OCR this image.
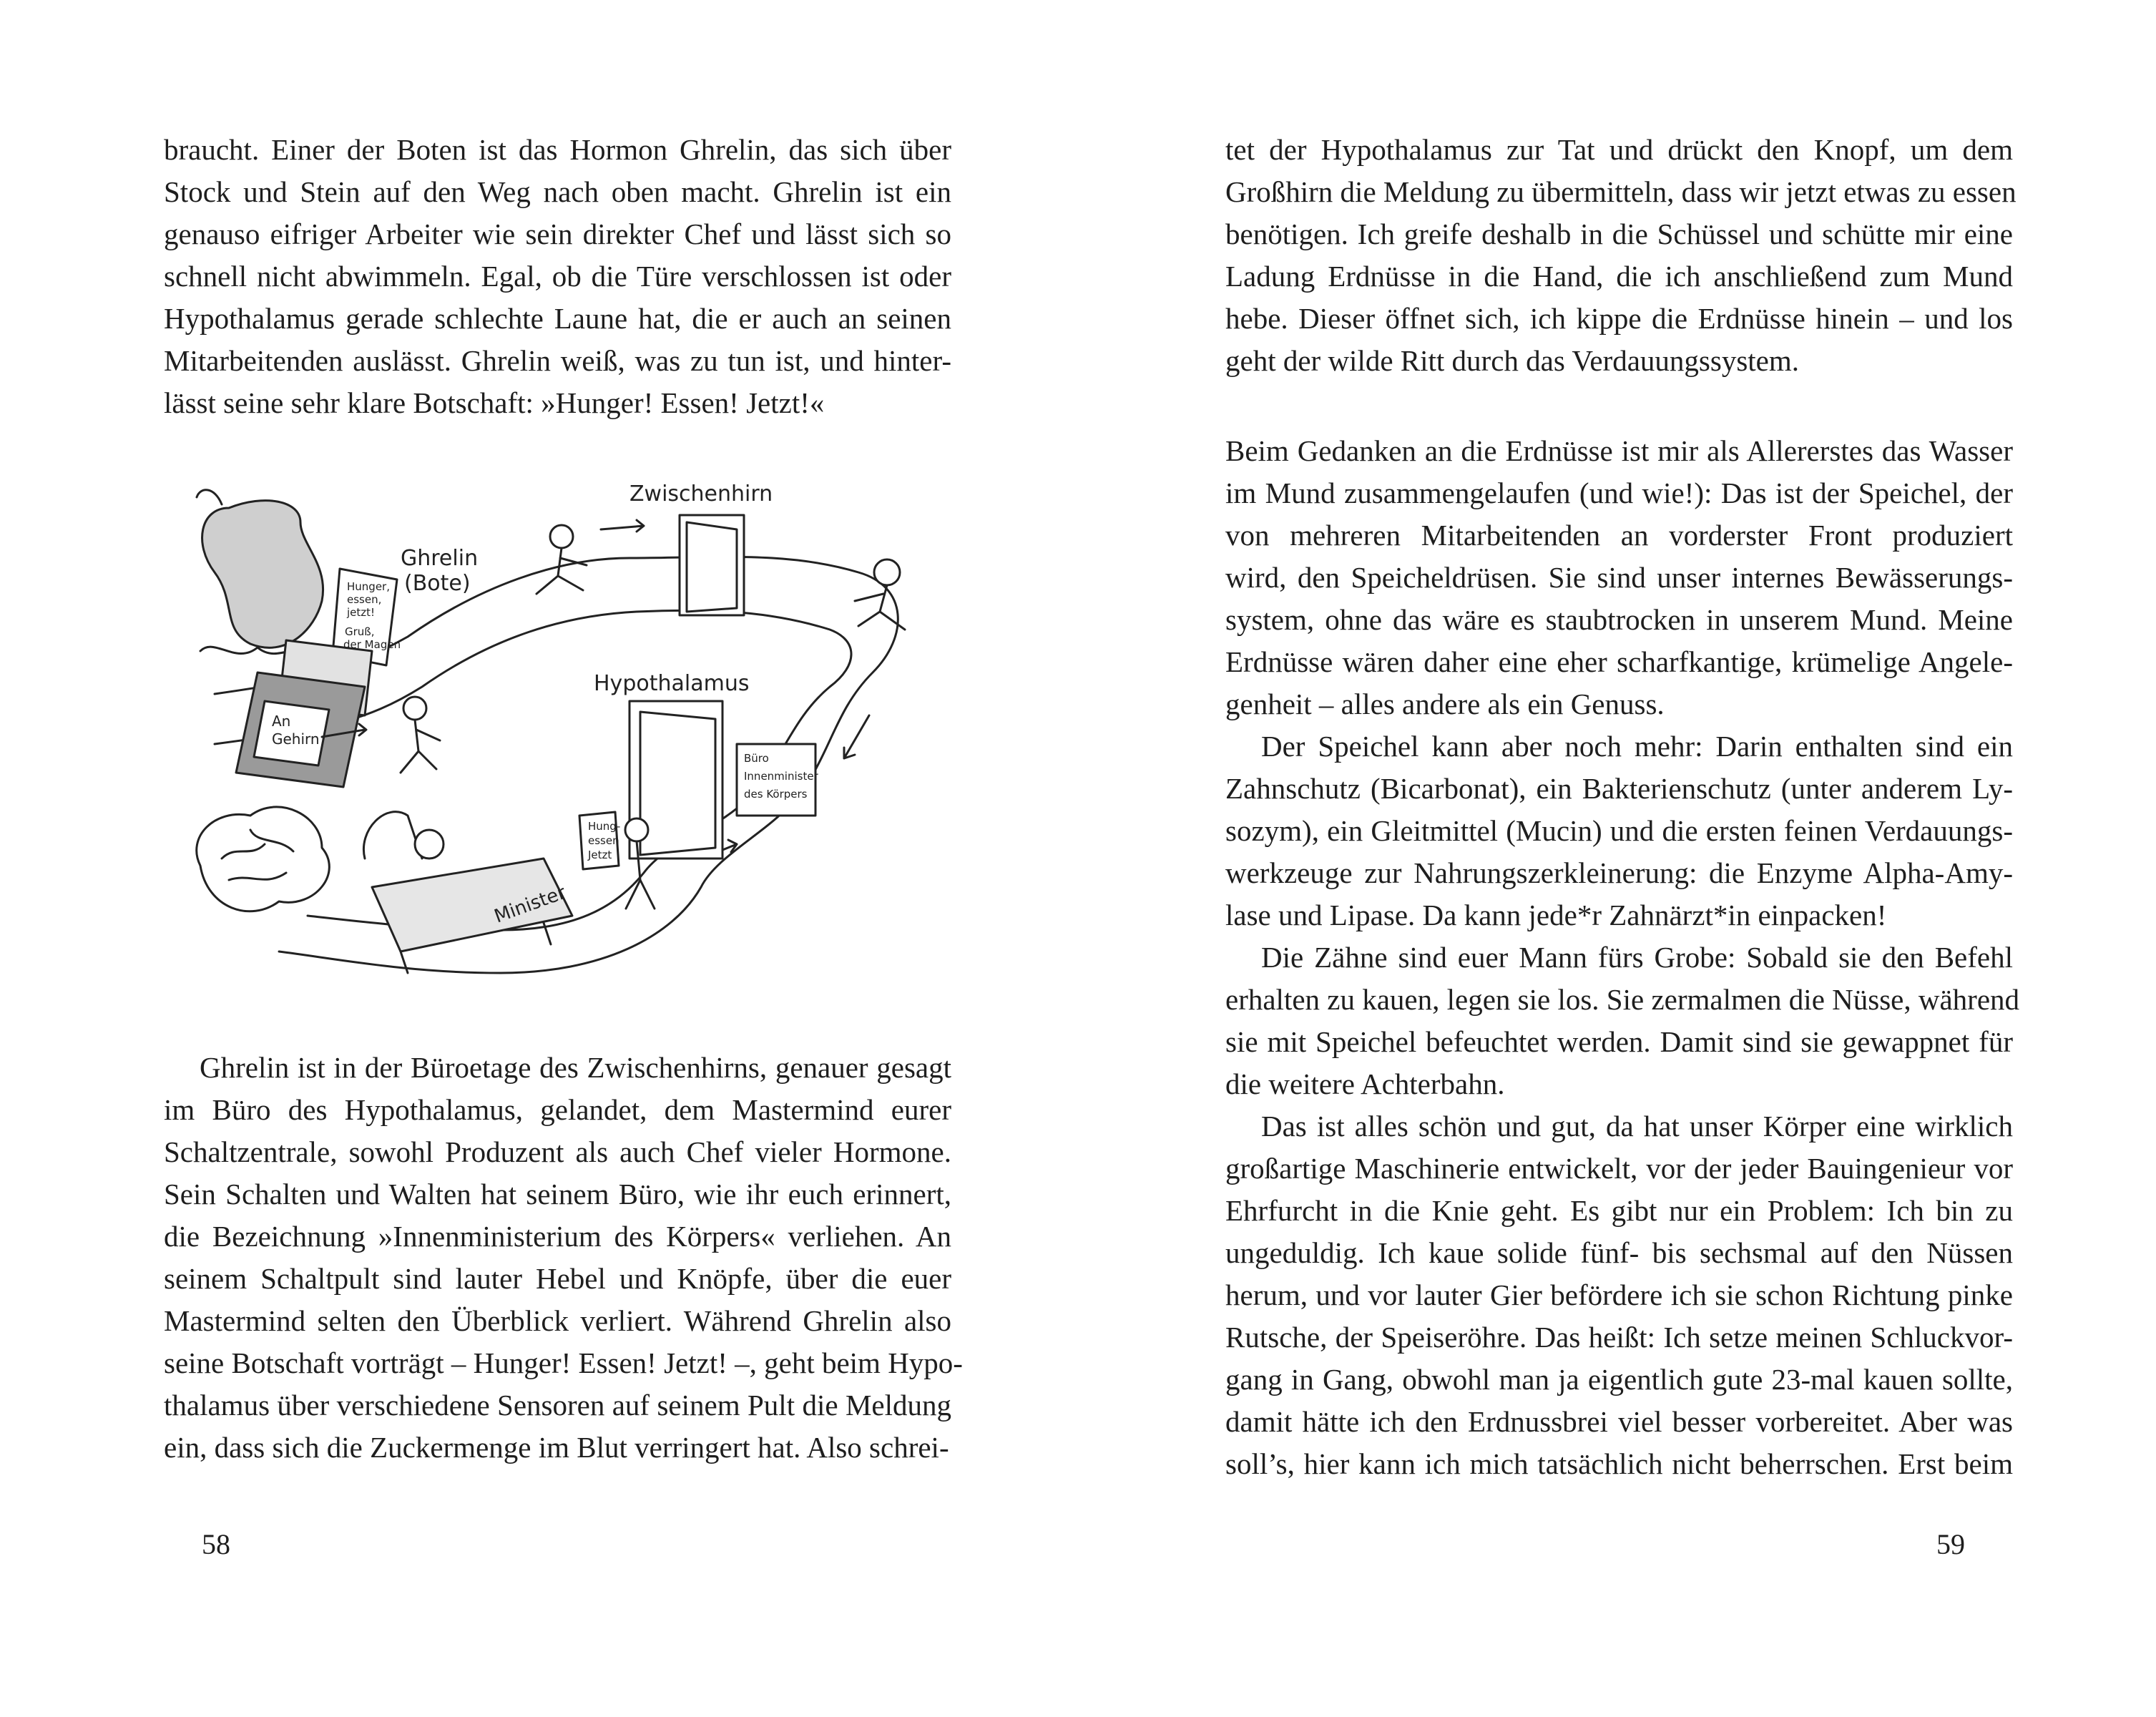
braucht. Einer der Boten ist das Hormon Ghrelin, das sich über
Stock und Stein auf den Weg nach oben macht. Ghrelin ist ein
genauso eifriger Arbeiter wie sein direkter Chef und lässt sich so
schnell nicht abwimmeln. Egal, ob die Türe verschlossen ist oder
Hypothalamus gerade schlechte Laune hat, die er auch an seinen
Mitarbeitenden auslässt. Ghrelin weiß, was zu tun ist, und hinter-
lässt seine sehr klare Botschaft: »Hunger! Essen! Jetzt!«
Zwischenhirn
Ghrelin
(Bote)
Hypothalamus
Hunger,
essen,
jetzt!
Gruß,
der Magen
An
Gehirn
Büro
Innenminister
des Körpers
Minister
Hung-
essen
Jetzt
Ghrelin ist in der Büroetage des Zwischenhirns, genauer gesagt
im Büro des Hypothalamus, gelandet, dem Mastermind eurer
Schaltzentrale, sowohl Produzent als auch Chef vieler Hormone.
Sein Schalten und Walten hat seinem Büro, wie ihr euch erinnert,
die Bezeichnung »Innenministerium des Körpers« verliehen. An
seinem Schaltpult sind lauter Hebel und Knöpfe, über die euer
Mastermind selten den Überblick verliert. Während Ghrelin also
seine Botschaft vorträgt – Hunger! Essen! Jetzt! –, geht beim Hypo-
thalamus über verschiedene Sensoren auf seinem Pult die Meldung
ein, dass sich die Zuckermenge im Blut verringert hat. Also schrei-
58
tet der Hypothalamus zur Tat und drückt den Knopf, um dem
Großhirn die Meldung zu übermitteln, dass wir jetzt etwas zu essen
benötigen. Ich greife deshalb in die Schüssel und schütte mir eine
Ladung Erdnüsse in die Hand, die ich anschließend zum Mund
hebe. Dieser öffnet sich, ich kippe die Erdnüsse hinein – und los
geht der wilde Ritt durch das Verdauungssystem.
Beim Gedanken an die Erdnüsse ist mir als Allererstes das Wasser
im Mund zusammengelaufen (und wie!): Das ist der Speichel, der
von mehreren Mitarbeitenden an vorderster Front produziert
wird, den Speicheldrüsen. Sie sind unser internes Bewässerungs-
system, ohne das wäre es staubtrocken in unserem Mund. Meine
Erdnüsse wären daher eine eher scharfkantige, krümelige Angele-
genheit – alles andere als ein Genuss.
Der Speichel kann aber noch mehr: Darin enthalten sind ein
Zahnschutz (Bicarbonat), ein Bakterienschutz (unter anderem Ly-
sozym), ein Gleitmittel (Mucin) und die ersten feinen Verdauungs-
werkzeuge zur Nahrungszerkleinerung: die Enzyme Alpha-Amy-
lase und Lipase. Da kann jede*r Zahnärzt*in einpacken!
Die Zähne sind euer Mann fürs Grobe: Sobald sie den Befehl
erhalten zu kauen, legen sie los. Sie zermalmen die Nüsse, während
sie mit Speichel befeuchtet werden. Damit sind sie gewappnet für
die weitere Achterbahn.
Das ist alles schön und gut, da hat unser Körper eine wirklich
großartige Maschinerie entwickelt, vor der jeder Bauingenieur vor
Ehrfurcht in die Knie geht. Es gibt nur ein Problem: Ich bin zu
ungeduldig. Ich kaue solide fünf- bis sechsmal auf den Nüssen
herum, und vor lauter Gier befördere ich sie schon Richtung pinke
Rutsche, der Speiseröhre. Das heißt: Ich setze meinen Schluckvor-
gang in Gang, obwohl man ja eigentlich gute 23-mal kauen sollte,
damit hätte ich den Erdnussbrei viel besser vorbereitet. Aber was
soll’s, hier kann ich mich tatsächlich nicht beherrschen. Erst beim
59
